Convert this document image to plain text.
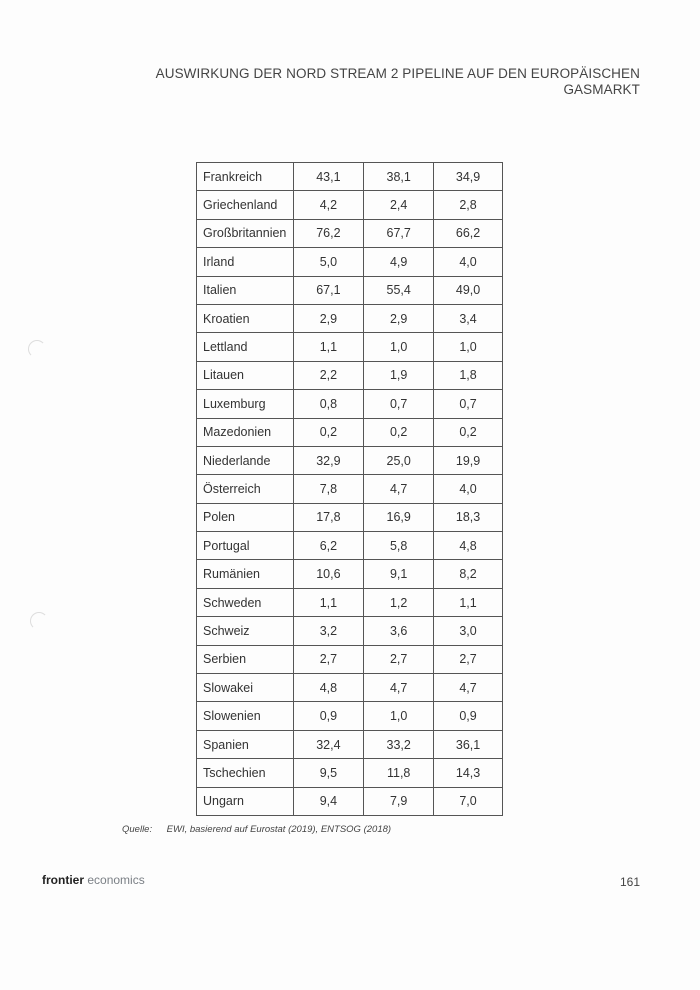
AUSWIRKUNG DER NORD STREAM 2 PIPELINE AUF DEN EUROPÄISCHEN
GASMARKT
Frankreich	43,1	38,1	34,9
Griechenland	4,2	2,4	2,8
Großbritannien	76,2	67,7	66,2
Irland	5,0	4,9	4,0
Italien	67,1	55,4	49,0
Kroatien	2,9	2,9	3,4
Lettland	1,1	1,0	1,0
Litauen	2,2	1,9	1,8
Luxemburg	0,8	0,7	0,7
Mazedonien	0,2	0,2	0,2
Niederlande	32,9	25,0	19,9
Österreich	7,8	4,7	4,0
Polen	17,8	16,9	18,3
Portugal	6,2	5,8	4,8
Rumänien	10,6	9,1	8,2
Schweden	1,1	1,2	1,1
Schweiz	3,2	3,6	3,0
Serbien	2,7	2,7	2,7
Slowakei	4,8	4,7	4,7
Slowenien	0,9	1,0	0,9
Spanien	32,4	33,2	36,1
Tschechien	9,5	11,8	14,3
Ungarn	9,4	7,9	7,0
Quelle: EWI, basierend auf Eurostat (2019), ENTSOG (2018)
frontier economics	161
